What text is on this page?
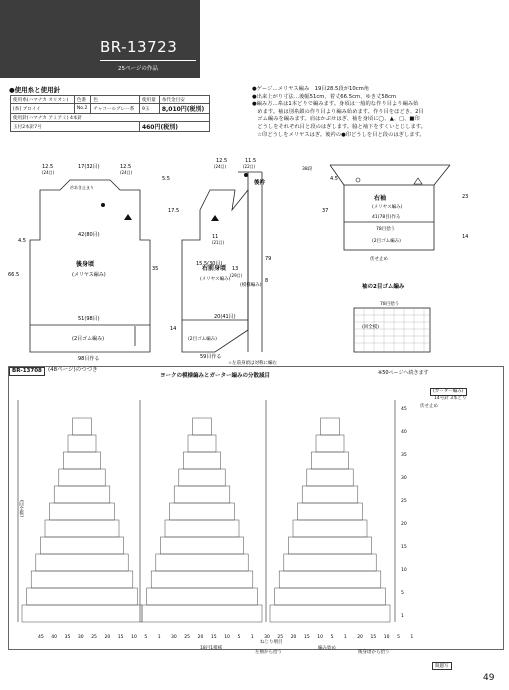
BR-13723
25ページの作品
●使用糸と使用針
使用糸(ハマナカ オリオン)	色番	色	使用量	糸代金目安
[糸] ブロイイ	No.2	チャコールグレー系	9玉	8,010円(税別)
使用針(ハマナカ アミアミ) 4本針				
玉付2本針7号			460円(税別)	

●ゲージ…メリヤス編み　19目28.5段が10cm角

●出来上がり寸法…後幅51cm、着丈66.5cm、ゆき丈58cm

●編み方…糸は1本どりで編みます。身頃は一般的な作り目より編み始

　めます。袖は別糸鎖の作り目より編み始めます。作り目をほどき、2目

　ゴム編みを編みます。肩はかぶせはぎ、袖を身頃に◯、▲、□、■印

　どうしをそれぞれ目と段のはぎします。脇と袖下をすくいとじします。

　☆印どうしをメリヤスはぎ。後衿の●印どうしを目と段のはぎします。

後身頃
(メリヤス編み)
(2目ゴム編み)
42(80目)
51(98目)
98目作る
12.5
(24目)
17(32目)	12.5
(24目)
4.5
66.5
35
衿あき止まり
右前身頃
(メリヤス編み)
(2目ゴム編み)
(模様編み)
後衿
12.5
(24目)
11.5
(22目)
11
(21目)
15.5(30目)
13
(29目)
20(41目)
8
59目作る
5.5
17.5
79
14
☆左前身頃は対称に編む
右袖
(メリヤス編み)
(2目ゴム編み)
41(78目)作る
78目拾う
伏せ止め
4.5
23
37
14
38段
袖の2目ゴム編み
78目拾う
(回全模)
※50ページへ続きます
BR-13708	(48ページ)のつづき
ヨークの模様編みとガーター編みの分散減目
(ガーター編み)
14号針 3本どり
(回全模)
45 40 35 30 25 20 15 10 5 1 30 25 20 15 10 5 1 30 25 20 15 10 5 1 20 15 10 5 1
45
40
35
30
25
20
15
10
5
1
18目1模様
ねじり増目
左袖から拾う	後身頃から拾う
編み始め
伏せ止め
開題写
49
